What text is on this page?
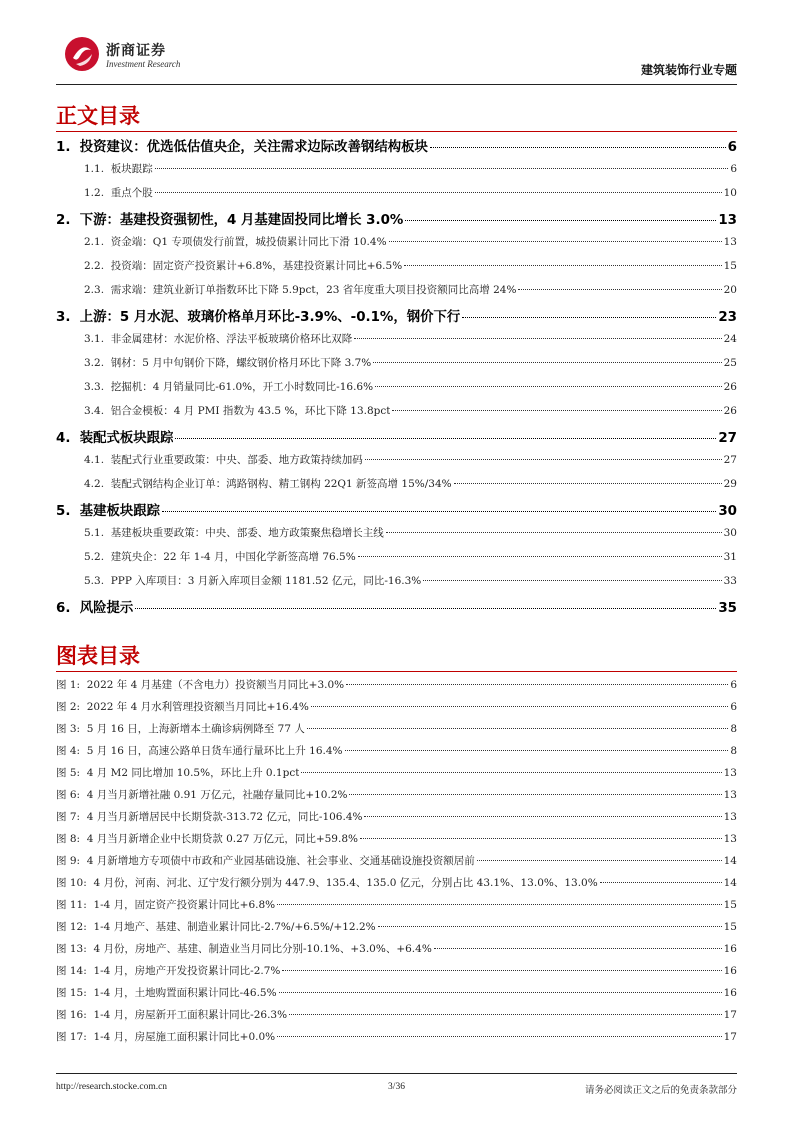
浙商证券
Investment Research	建筑装饰行业专题
正文目录
1. 投资建议：优选低估值央企，关注需求边际改善钢结构板块	6
1.1. 板块跟踪	6
1.2. 重点个股	10
2. 下游：基建投资强韧性，4 月基建固投同比增长 3.0%	13
2.1. 资金端：Q1 专项债发行前置，城投债累计同比下滑 10.4%	13
2.2. 投资端：固定资产投资累计+6.8%，基建投资累计同比+6.5%	15
2.3. 需求端：建筑业新订单指数环比下降 5.9pct，23 省年度重大项目投资额同比高增 24%	20
3. 上游：5 月水泥、玻璃价格单月环比-3.9%、-0.1%，钢价下行	23
3.1. 非金属建材：水泥价格、浮法平板玻璃价格环比双降	24
3.2. 钢材：5 月中旬钢价下降，螺纹钢价格月环比下降 3.7%	25
3.3. 挖掘机：4 月销量同比-61.0%，开工小时数同比-16.6%	26
3.4. 铝合金模板：4 月 PMI 指数为 43.5 %，环比下降 13.8pct	26
4. 装配式板块跟踪	27
4.1. 装配式行业重要政策：中央、部委、地方政策持续加码	27
4.2. 装配式钢结构企业订单：鸿路钢构、精工钢构 22Q1 新签高增 15%/34%	29
5. 基建板块跟踪	30
5.1. 基建板块重要政策：中央、部委、地方政策聚焦稳增长主线	30
5.2. 建筑央企：22 年 1-4 月，中国化学新签高增 76.5%	31
5.3. PPP 入库项目：3 月新入库项目金额 1181.52 亿元，同比-16.3%	33
6. 风险提示	35
图表目录
图 1: 2022 年 4 月基建（不含电力）投资额当月同比+3.0%	6
图 2: 2022 年 4 月水利管理投资额当月同比+16.4%	6
图 3: 5 月 16 日，上海新增本土确诊病例降至 77 人	8
图 4: 5 月 16 日，高速公路单日货车通行量环比上升 16.4%	8
图 5: 4 月 M2 同比增加 10.5%，环比上升 0.1pct	13
图 6: 4 月当月新增社融 0.91 万亿元，社融存量同比+10.2%	13
图 7: 4 月当月新增居民中长期贷款-313.72 亿元，同比-106.4%	13
图 8: 4 月当月新增企业中长期贷款 0.27 万亿元，同比+59.8%	13
图 9: 4 月新增地方专项债中市政和产业园基础设施、社会事业、交通基础设施投资额居前	14
图 10: 4 月份，河南、河北、辽宁发行额分别为 447.9、135.4、135.0 亿元，分别占比 43.1%、13.0%、13.0%	14
图 11: 1-4 月，固定资产投资累计同比+6.8%	15
图 12: 1-4 月地产、基建、制造业累计同比-2.7%/+6.5%/+12.2%	15
图 13: 4 月份，房地产、基建、制造业当月同比分别-10.1%、+3.0%、+6.4%	16
图 14: 1-4 月，房地产开发投资累计同比-2.7%	16
图 15: 1-4 月，土地购置面积累计同比-46.5%	16
图 16: 1-4 月，房屋新开工面积累计同比-26.3%	17
图 17: 1-4 月，房屋施工面积累计同比+0.0%	17
http://research.stocke.com.cn	3/36	请务必阅读正文之后的免责条款部分
